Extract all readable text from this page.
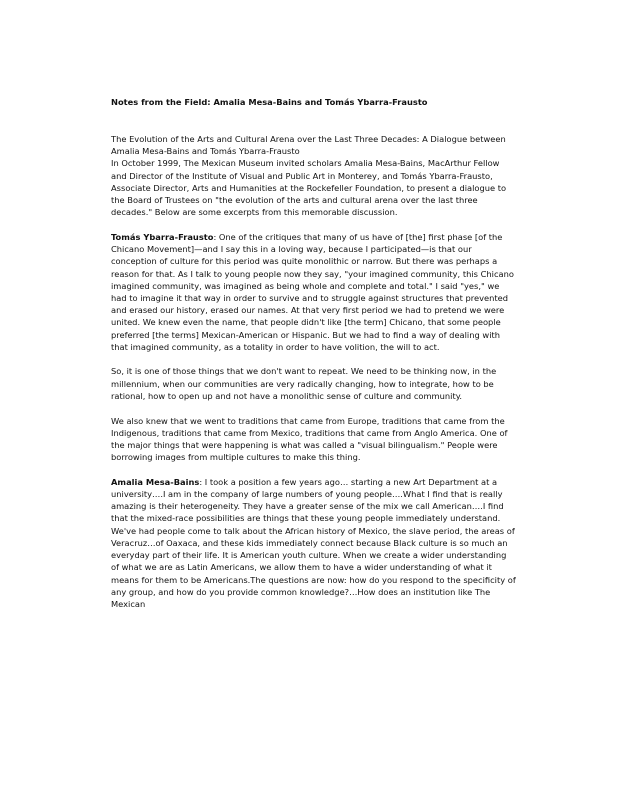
Notes from the Field: Amalia Mesa-Bains and Tomás Ybarra-Frausto

The Evolution of the Arts and Cultural Arena over the Last Three Decades: A Dialogue between Amalia Mesa-Bains and Tomás Ybarra-Frausto
In October 1999, The Mexican Museum invited scholars Amalia Mesa-Bains, MacArthur Fellow and Director of the Institute of Visual and Public Art in Monterey, and Tomás Ybarra-Frausto, Associate Director, Arts and Humanities at the Rockefeller Foundation, to present a dialogue to the Board of Trustees on "the evolution of the arts and cultural arena over the last three decades." Below are some excerpts from this memorable discussion.

Tomás Ybarra-Frausto: One of the critiques that many of us have of [the] first phase [of the Chicano Movement]—and I say this in a loving way, because I participated—is that our conception of culture for this period was quite monolithic or narrow. But there was perhaps a reason for that. As I talk to young people now they say, "your imagined community, this Chicano imagined community, was imagined as being whole and complete and total." I said "yes," we had to imagine it that way in order to survive and to struggle against structures that prevented and erased our history, erased our names. At that very first period we had to pretend we were united. We knew even the name, that people didn't like [the term] Chicano, that some people preferred [the terms] Mexican-American or Hispanic. But we had to find a way of dealing with that imagined community, as a totality in order to have volition, the will to act.

So, it is one of those things that we don't want to repeat. We need to be thinking now, in the millennium, when our communities are very radically changing, how to integrate, how to be rational, how to open up and not have a monolithic sense of culture and community.

We also knew that we went to traditions that came from Europe, traditions that came from the Indigenous, traditions that came from Mexico, traditions that came from Anglo America. One of the major things that were happening is what was called a "visual bilingualism." People were borrowing images from multiple cultures to make this thing.

Amalia Mesa-Bains: I took a position a few years ago… starting a new Art Department at a university….I am in the company of large numbers of young people….What I find that is really amazing is their heterogeneity. They have a greater sense of the mix we call American….I find that the mixed-race possibilities are things that these young people immediately understand. We've had people come to talk about the African history of Mexico, the slave period, the areas of Veracruz…of Oaxaca, and these kids immediately connect because Black culture is so much an everyday part of their life. It is American youth culture. When we create a wider understanding of what we are as Latin Americans, we allow them to have a wider understanding of what it means for them to be Americans.The questions are now: how do you respond to the specificity of any group, and how do you provide common knowledge?…How does an institution like The Mexican
